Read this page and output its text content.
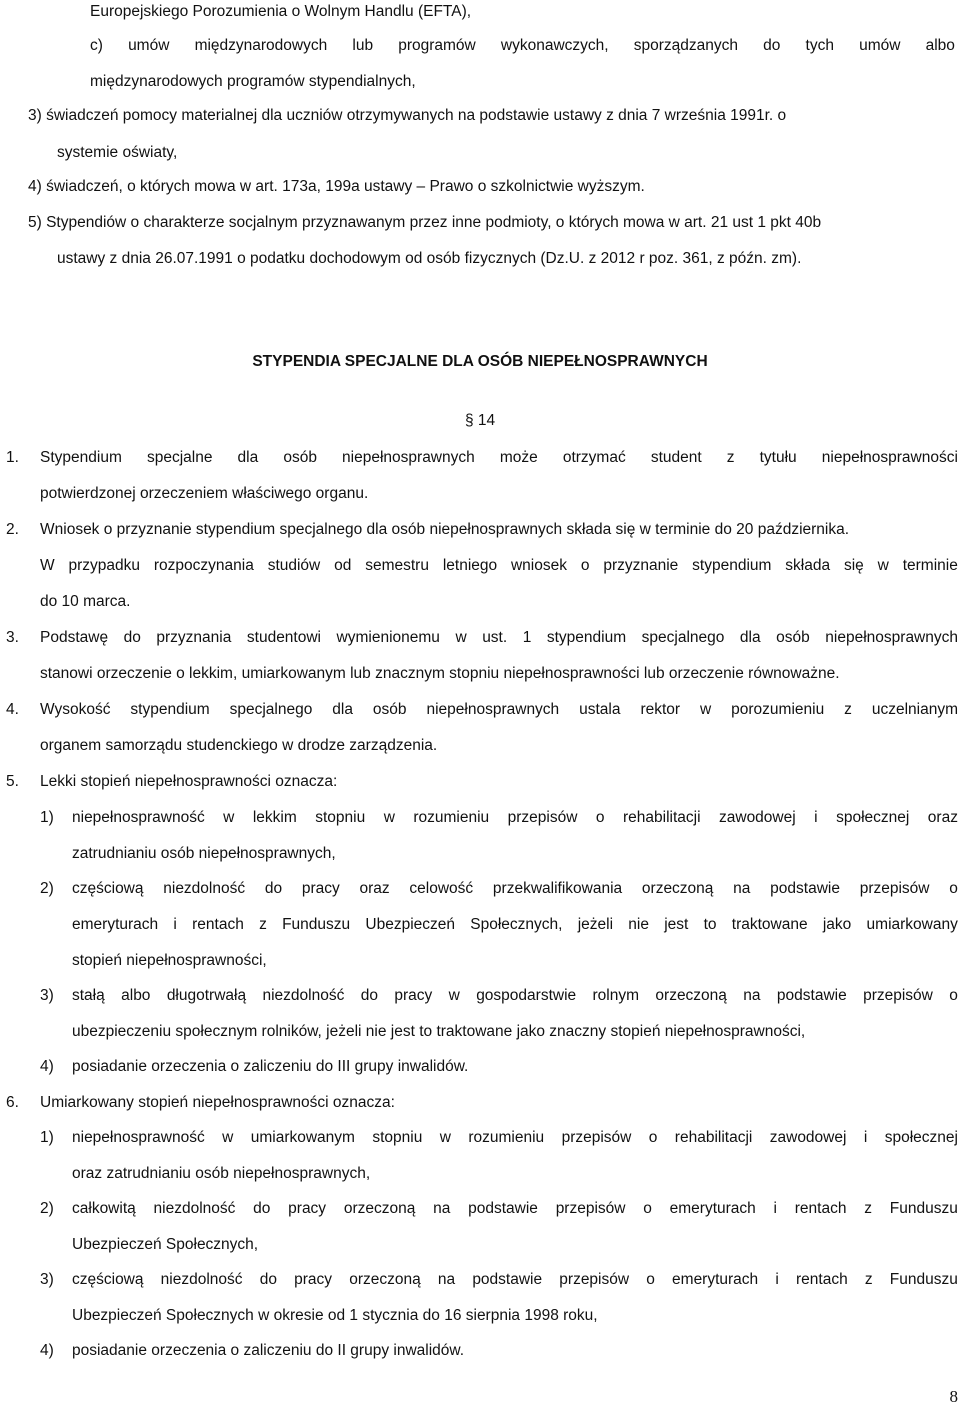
Europejskiego Porozumienia o Wolnym Handlu (EFTA),
c) umów międzynarodowych lub programów wykonawczych, sporządzanych do tych umów albo
międzynarodowych programów stypendialnych,
3) świadczeń pomocy materialnej dla uczniów otrzymywanych na podstawie ustawy z dnia 7 września 1991r. o
systemie oświaty,
4) świadczeń, o których mowa w art. 173a, 199a ustawy – Prawo o szkolnictwie wyższym.
5) Stypendiów o charakterze socjalnym przyznawanym przez inne podmioty, o których mowa w art. 21 ust 1 pkt 40b
ustawy z dnia 26.07.1991 o podatku dochodowym od osób fizycznych (Dz.U. z 2012 r poz. 361, z późn. zm).
STYPENDIA SPECJALNE DLA OSÓB NIEPEŁNOSPRAWNYCH
§ 14
1. Stypendium specjalne dla osób niepełnosprawnych może otrzymać student z tytułu niepełnosprawności
potwierdzonej orzeczeniem właściwego organu.
2. Wniosek o przyznanie stypendium specjalnego dla osób niepełnosprawnych składa się w terminie do 20 października.
W przypadku rozpoczynania studiów od semestru letniego wniosek o przyznanie stypendium składa się w terminie
do 10 marca.
3. Podstawę do przyznania studentowi wymienionemu w ust. 1 stypendium specjalnego dla osób niepełnosprawnych
stanowi orzeczenie o lekkim, umiarkowanym lub znacznym stopniu niepełnosprawności lub orzeczenie równoważne.
4. Wysokość stypendium specjalnego dla osób niepełnosprawnych ustala rektor w porozumieniu z uczelnianym
organem samorządu studenckiego w drodze zarządzenia.
5. Lekki stopień niepełnosprawności oznacza:
1) niepełnosprawność w lekkim stopniu w rozumieniu przepisów o rehabilitacji zawodowej i społecznej oraz
zatrudnianiu osób niepełnosprawnych,
2) częściową niezdolność do pracy oraz celowość przekwalifikowania orzeczoną na podstawie przepisów o
emeryturach i rentach z Funduszu Ubezpieczeń Społecznych, jeżeli nie jest to traktowane jako umiarkowany
stopień niepełnosprawności,
3) stałą albo długotrwałą niezdolność do pracy w gospodarstwie rolnym orzeczoną na podstawie przepisów o
ubezpieczeniu społecznym rolników, jeżeli nie jest to traktowane jako znaczny stopień niepełnosprawności,
4) posiadanie orzeczenia o zaliczeniu do III grupy inwalidów.
6. Umiarkowany stopień niepełnosprawności oznacza:
1) niepełnosprawność w umiarkowanym stopniu w rozumieniu przepisów o rehabilitacji zawodowej i społecznej
oraz zatrudnianiu osób niepełnosprawnych,
2) całkowitą niezdolność do pracy orzeczoną na podstawie przepisów o emeryturach i rentach z Funduszu
Ubezpieczeń Społecznych,
3) częściową niezdolność do pracy orzeczoną na podstawie przepisów o emeryturach i rentach z Funduszu
Ubezpieczeń Społecznych w okresie od 1 stycznia do 16 sierpnia 1998 roku,
4) posiadanie orzeczenia o zaliczeniu do II grupy inwalidów.
8
